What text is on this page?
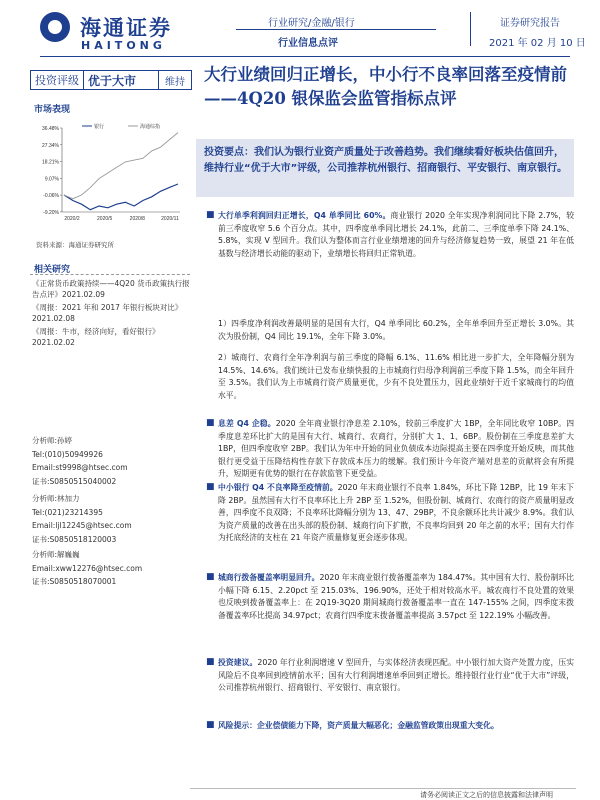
海通证券
HAITONG
行业研究/金融/银行
行业信息点评
证券研究报告
2021 年 02 月 10 日
投资评级 优于大市	维持
市场表现
36.48%
27.34%
18.21%
9.07%
-0.06%
-9.20%
2020/2	2020/5	2020/8	2020/11
银行	海通综指
资料来源：海通证券研究所
相关研究
《正常货币政策持续——4Q20 货币政策执行报告点评》2021.02.09
《周报：2021 年和 2017 年银行板块对比》2021.02.08
《周报：牛市，经济向好，看好银行》2021.02.02
分析师:孙婷
Tel:(010)50949926
Email:st9998@htsec.com
证书:S0850515040002
分析师:林加力
Tel:(021)23214395
Email:ljl12245@htsec.com
证书:S0850518120003
分析师:解巍巍
Email:xww12276@htsec.com
证书:S0850518070001
大行业绩回归正增长，中小行不良率回落至疫情前——4Q20 银保监会监管指标点评
投资要点：我们认为银行业资产质量处于改善趋势。我们继续看好板块估值回升，维持行业“优于大市”评级，公司推荐杭州银行、招商银行、平安银行、南京银行。
■ 大行单季利润回归正增长，Q4 单季同比 60%。商业银行 2020 全年实现净利润同比下降 2.7%，较前三季度收窄 5.6 个百分点。其中，四季度单季同比增长 24.1%，此前二、三季度单季下降 24.1%、5.8%，实现 V 型回升。我们认为整体而言行业业绩增速的回升与经济修复趋势一致，展望 21 年在低基数与经济增长动能的驱动下，业绩增长将回归正常轨道。
1）四季度净利润改善最明显的是国有大行，Q4 单季同比 60.2%，全年单季回升至正增长 3.0%。其次为股份制，Q4 同比 19.1%，全年下降 3.0%。
2）城商行、农商行全年净利润与前三季度的降幅 6.1%、11.6% 相比进一步扩大，全年降幅分别为 14.5%、14.6%。我们统计已发布业绩快报的上市城商行归母净利润前三季度下降 1.5%，而全年回升至 3.5%。我们认为上市城商行资产质量更优，少有不良处置压力，因此业绩好于近千家城商行的均值水平。
■ 息差 Q4 企稳。2020 全年商业银行净息差 2.10%，较前三季度扩大 1BP，全年同比收窄 10BP。四季度息差环比扩大的是国有大行、城商行、农商行，分别扩大 1、1、6BP。股份制在三季度息差扩大 1BP，但四季度收窄 2BP。我们认为年中开始的同业负债成本边际提高主要在四季度开始反映，而其他银行更受益于压降结构性存款下存款成本压力的缓解。我们预计今年资产端对息差的贡献将会有所提升，短期更有优势的银行在存款监管下更受益。
■ 中小银行 Q4 不良率降至疫情前。2020 年末商业银行不良率 1.84%，环比下降 12BP，比 19 年末下降 2BP。虽然国有大行不良率环比上升 2BP 至 1.52%，但股份制、城商行、农商行的资产质量明显改善，四季度不良双降；不良率环比降幅分别为 13、47、29BP，不良余额环比共计减少 8.9%。我们认为资产质量的改善在出头部的股份制、城商行向下扩散，不良率均回到 20 年之前的水平；国有大行作为托底经济的支柱在 21 年资产质量修复更会逐步体现。
■ 城商行拨备覆盖率明显回升。2020 年末商业银行拨备覆盖率为 184.47%。其中国有大行、股份制环比小幅下降 6.15、2.20pct 至 215.03%、196.90%，还处于相对较高水平。城农商行不良处置的效果也反映到拨备覆盖率上：在 2Q19-3Q20 期间城商行拨备覆盖率一直在 147-155% 之间，四季度末拨备覆盖率环比提高 34.97pct；农商行四季度末拨备覆盖率提高 3.57pct 至 122.19% 小幅改善。
■ 投资建议。2020 年行业利润增速 V 型回升，与实体经济表现匹配。中小银行加大资产处置力度，压实风险后不良率回到疫情前水平；国有大行利润增速单季回到正增长。维持银行业行业“优于大市”评级，公司推荐杭州银行、招商银行、平安银行、南京银行。
■ 风险提示：企业偿债能力下降，资产质量大幅恶化；金融监管政策出现重大变化。
请务必阅读正文之后的信息披露和法律声明
